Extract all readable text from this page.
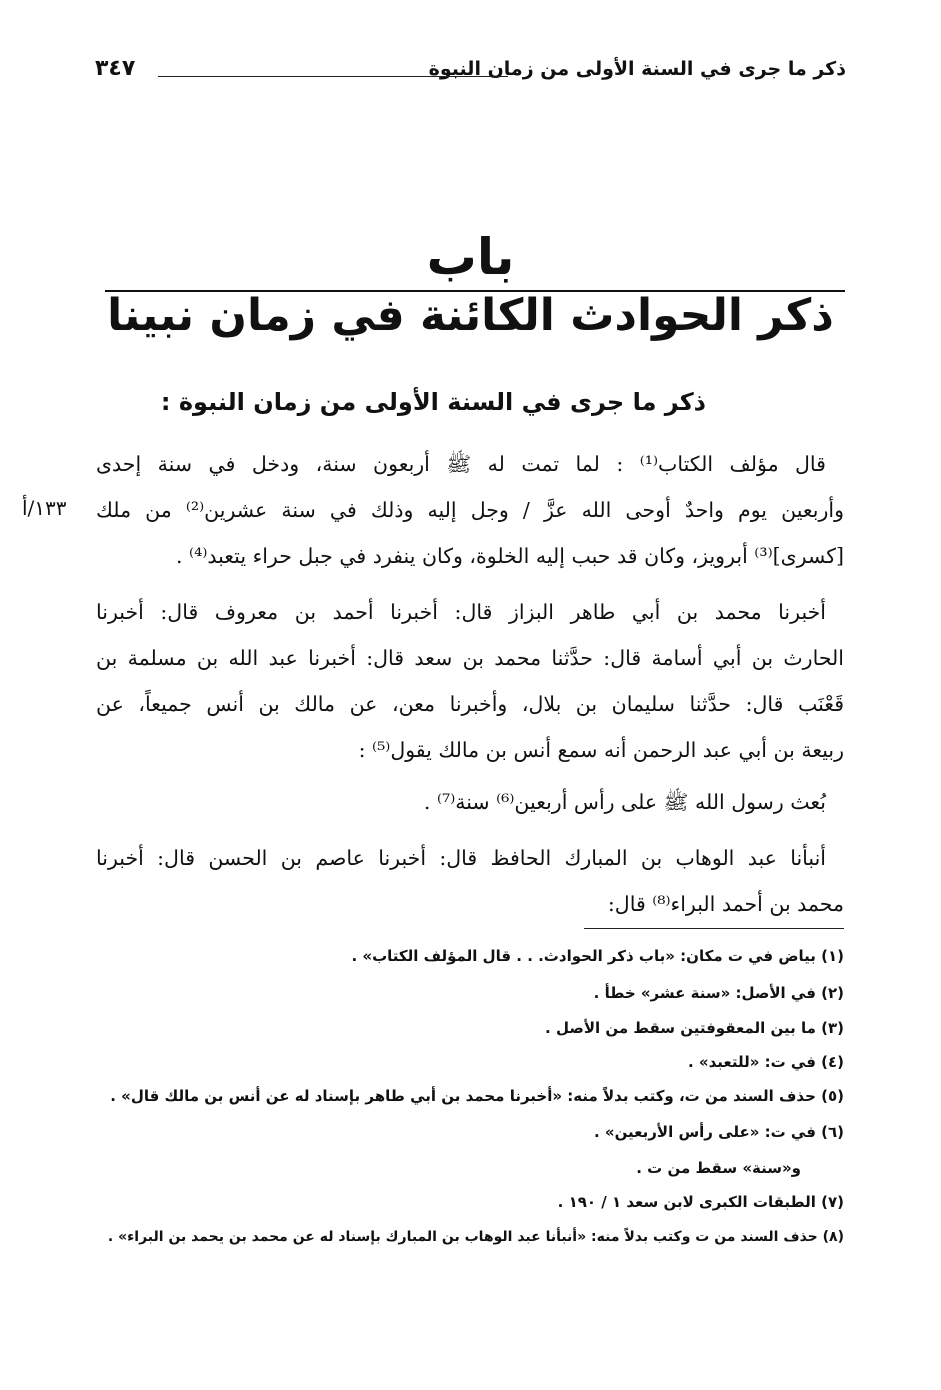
ذكر ما جرى في السنة الأولى من زمان النبوة
٣٤٧
باب
ذكر الحوادث الكائنة في زمان نبينا
ذكر ما جرى في السنة الأولى من زمان النبوة :
١٣٣/أ
قال مؤلف الكتاب⁽¹⁾ : لما تمت له ﷺ أربعون سنة، ودخل في سنة إحدى
وأربعين يوم واحدٌ أوحى الله عزَّ / وجل إليه وذلك في سنة عشرين⁽²⁾ من ملك
[كسرى]⁽³⁾ أبرويز، وكان قد حبب إليه الخلوة، وكان ينفرد في جبل حراء يتعبد⁽⁴⁾ .
أخبرنا محمد بن أبي طاهر البزاز قال: أخبرنا أحمد بن معروف قال: أخبرنا
الحارث بن أبي أسامة قال: حدَّثنا محمد بن سعد قال: أخبرنا عبد الله بن مسلمة بن
قَعْنَب قال: حدَّثنا سليمان بن بلال، وأخبرنا معن، عن مالك بن أنس جميعاً، عن
ربيعة بن أبي عبد الرحمن أنه سمع أنس بن مالك يقول⁽⁵⁾ :
بُعث رسول الله ﷺ على رأس أربعين⁽⁶⁾ سنة⁽⁷⁾ .
أنبأنا عبد الوهاب بن المبارك الحافظ قال: أخبرنا عاصم بن الحسن قال: أخبرنا
محمد بن أحمد البراء⁽⁸⁾ قال:
(١) بياض في ت مكان: «باب ذكر الحوادث. . . قال المؤلف الكتاب» .
(٢) في الأصل: «سنة عشر» خطأ .
(٣) ما بين المعقوفتين سقط من الأصل .
(٤) في ت: «للتعبد» .
(٥) حذف السند من ت، وكتب بدلاً منه: «أخبرنا محمد بن أبي طاهر بإسناد له عن أنس بن مالك قال» .
(٦) في ت: «على رأس الأربعين» .
و«سنة» سقط من ت .
(٧) الطبقات الكبرى لابن سعد ١ / ١٩٠ .
(٨) حذف السند من ت وكتب بدلاً منه: «أنبأنا عبد الوهاب بن المبارك بإسناد له عن محمد بن يحمد بن البراء» .
